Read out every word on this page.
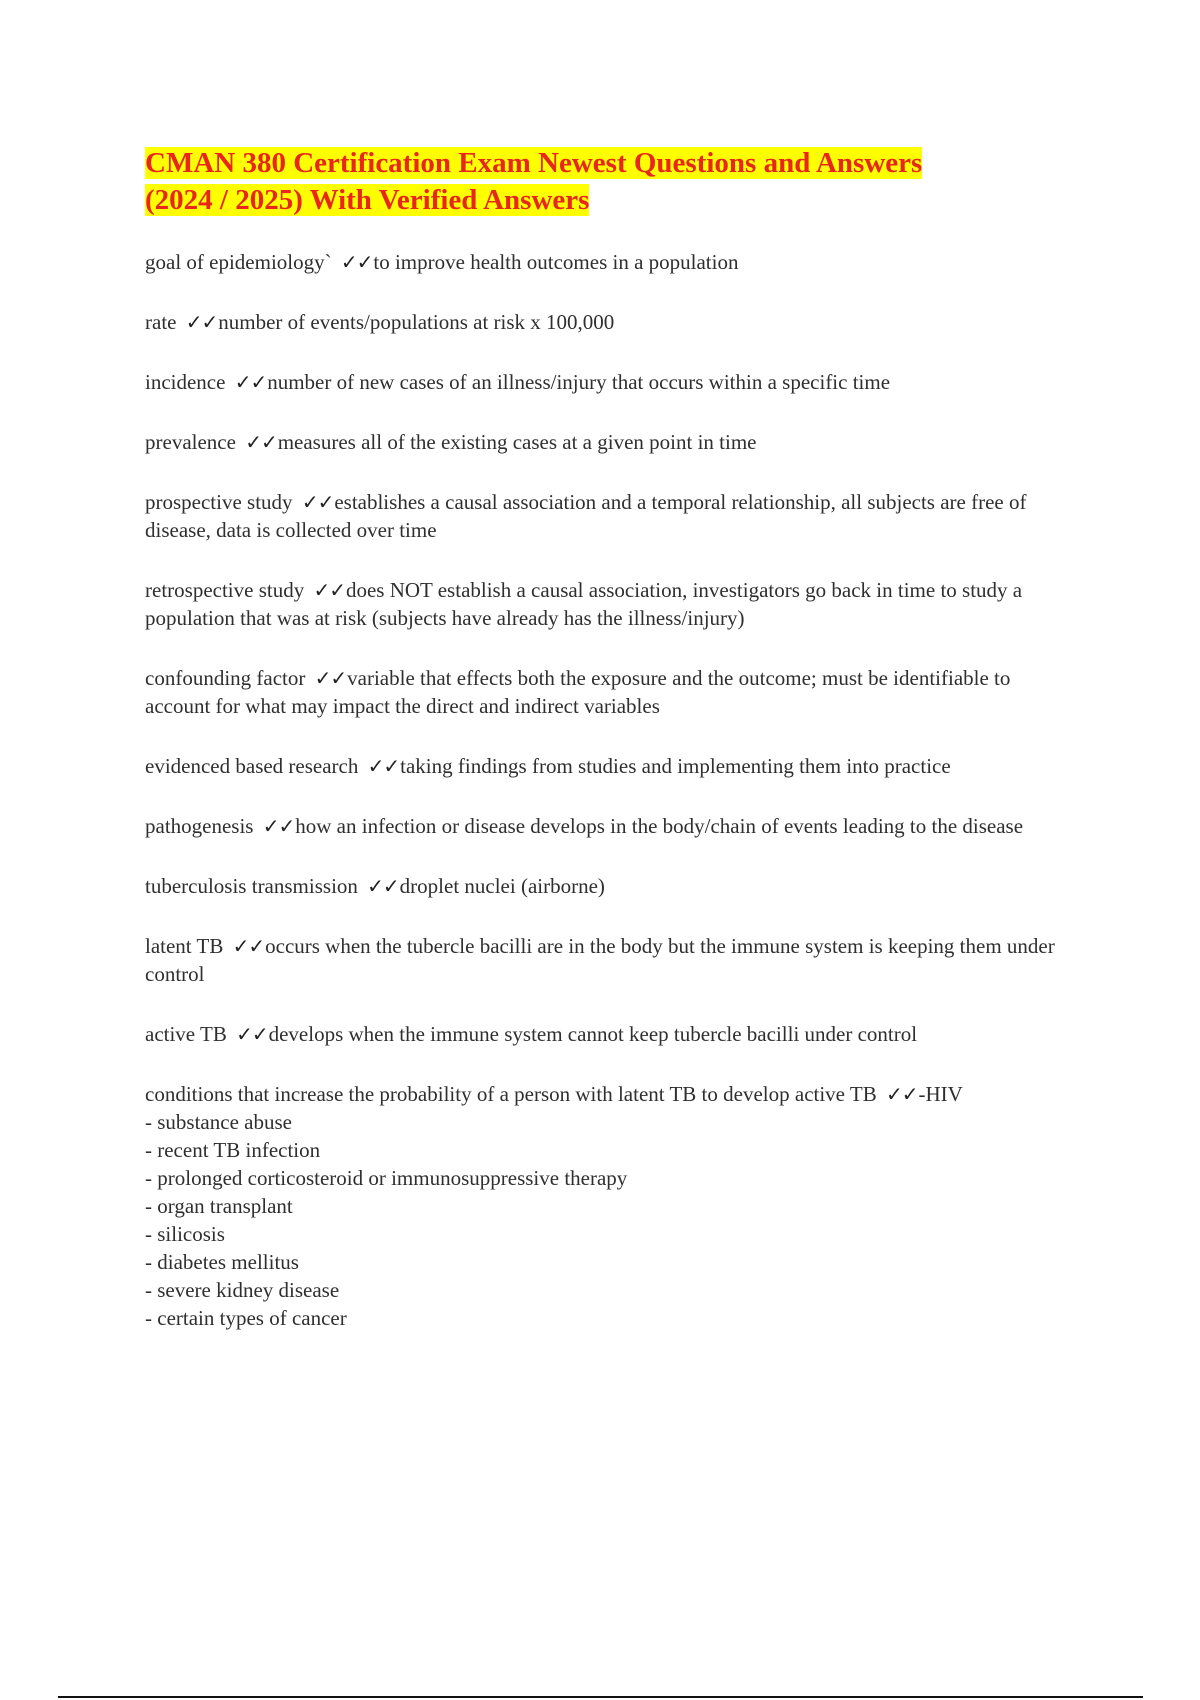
CMAN 380 Certification Exam Newest Questions and Answers
(2024 / 2025) With Verified Answers

goal of epidemiology` ✓✓to improve health outcomes in a population

rate ✓✓number of events/populations at risk x 100,000

incidence ✓✓number of new cases of an illness/injury that occurs within a specific time

prevalence ✓✓measures all of the existing cases at a given point in time

prospective study ✓✓establishes a causal association and a temporal relationship, all subjects are free of disease, data is collected over time

retrospective study ✓✓does NOT establish a causal association, investigators go back in time to study a population that was at risk (subjects have already has the illness/injury)

confounding factor ✓✓variable that effects both the exposure and the outcome; must be identifiable to account for what may impact the direct and indirect variables

evidenced based research ✓✓taking findings from studies and implementing them into practice

pathogenesis ✓✓how an infection or disease develops in the body/chain of events leading to the disease

tuberculosis transmission ✓✓droplet nuclei (airborne)

latent TB ✓✓occurs when the tubercle bacilli are in the body but the immune system is keeping them under control

active TB ✓✓develops when the immune system cannot keep tubercle bacilli under control

conditions that increase the probability of a person with latent TB to develop active TB ✓✓-HIV
- substance abuse
- recent TB infection
- prolonged corticosteroid or immunosuppressive therapy
- organ transplant
- silicosis
- diabetes mellitus
- severe kidney disease
- certain types of cancer
